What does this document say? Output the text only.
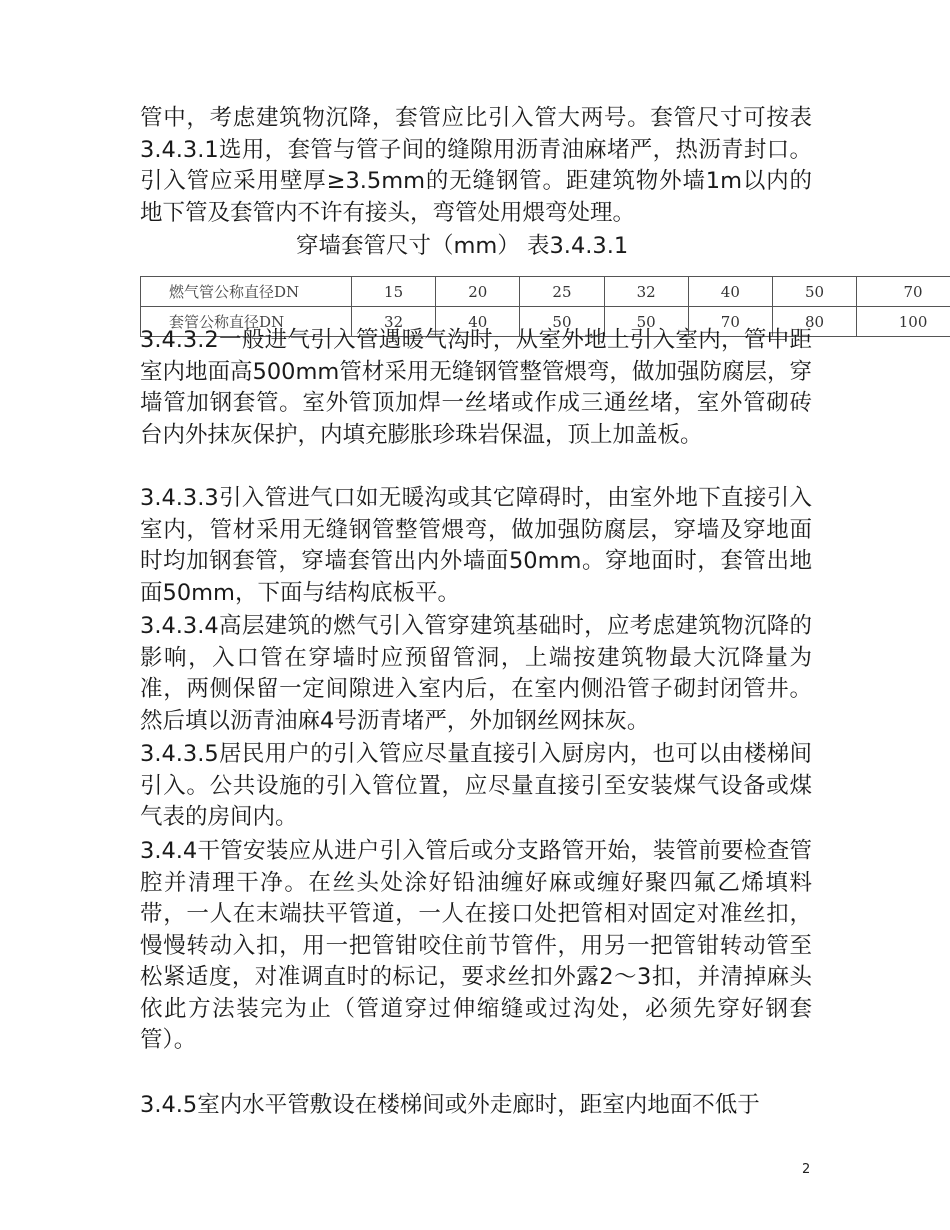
管中，考虑建筑物沉降，套管应比引入管大两号。套管尺寸可按表3.4.3.1选用，套管与管子间的缝隙用沥青油麻堵严，热沥青封口。引入管应采用壁厚≥3.5mm的无缝钢管。距建筑物外墙1m以内的地下管及套管内不许有接头，弯管处用煨弯处理。

穿墙套管尺寸（mm） 表3.4.3.1
燃气管公称直径DN	15	20	25	32	40	50	70
套管公称直径DN	32	40	50	50	70	80	100

3.4.3.2一般进气引入管遇暖气沟时，从室外地上引入室内，管中距室内地面高500mm管材采用无缝钢管整管煨弯，做加强防腐层，穿墙管加钢套管。室外管顶加焊一丝堵或作成三通丝堵，室外管砌砖台内外抹灰保护，内填充膨胀珍珠岩保温，顶上加盖板。

3.4.3.3引入管进气口如无暖沟或其它障碍时，由室外地下直接引入室内，管材采用无缝钢管整管煨弯，做加强防腐层，穿墙及穿地面时均加钢套管，穿墙套管出内外墙面50mm。穿地面时，套管出地面50mm，下面与结构底板平。

3.4.3.4高层建筑的燃气引入管穿建筑基础时，应考虑建筑物沉降的影响，入口管在穿墙时应预留管洞，上端按建筑物最大沉降量为准，两侧保留一定间隙进入室内后，在室内侧沿管子砌封闭管井。然后填以沥青油麻4号沥青堵严，外加钢丝网抹灰。

3.4.3.5居民用户的引入管应尽量直接引入厨房内，也可以由楼梯间引入。公共设施的引入管位置，应尽量直接引至安装煤气设备或煤气表的房间内。

3.4.4干管安装应从进户引入管后或分支路管开始，装管前要检查管腔并清理干净。在丝头处涂好铅油缠好麻或缠好聚四氟乙烯填料带，一人在末端扶平管道，一人在接口处把管相对固定对准丝扣，慢慢转动入扣，用一把管钳咬住前节管件，用另一把管钳转动管至松紧适度，对准调直时的标记，要求丝扣外露2～3扣，并清掉麻头依此方法装完为止（管道穿过伸缩缝或过沟处，必须先穿好钢套管）。

3.4.5室内水平管敷设在楼梯间或外走廊时，距室内地面不低于

2
